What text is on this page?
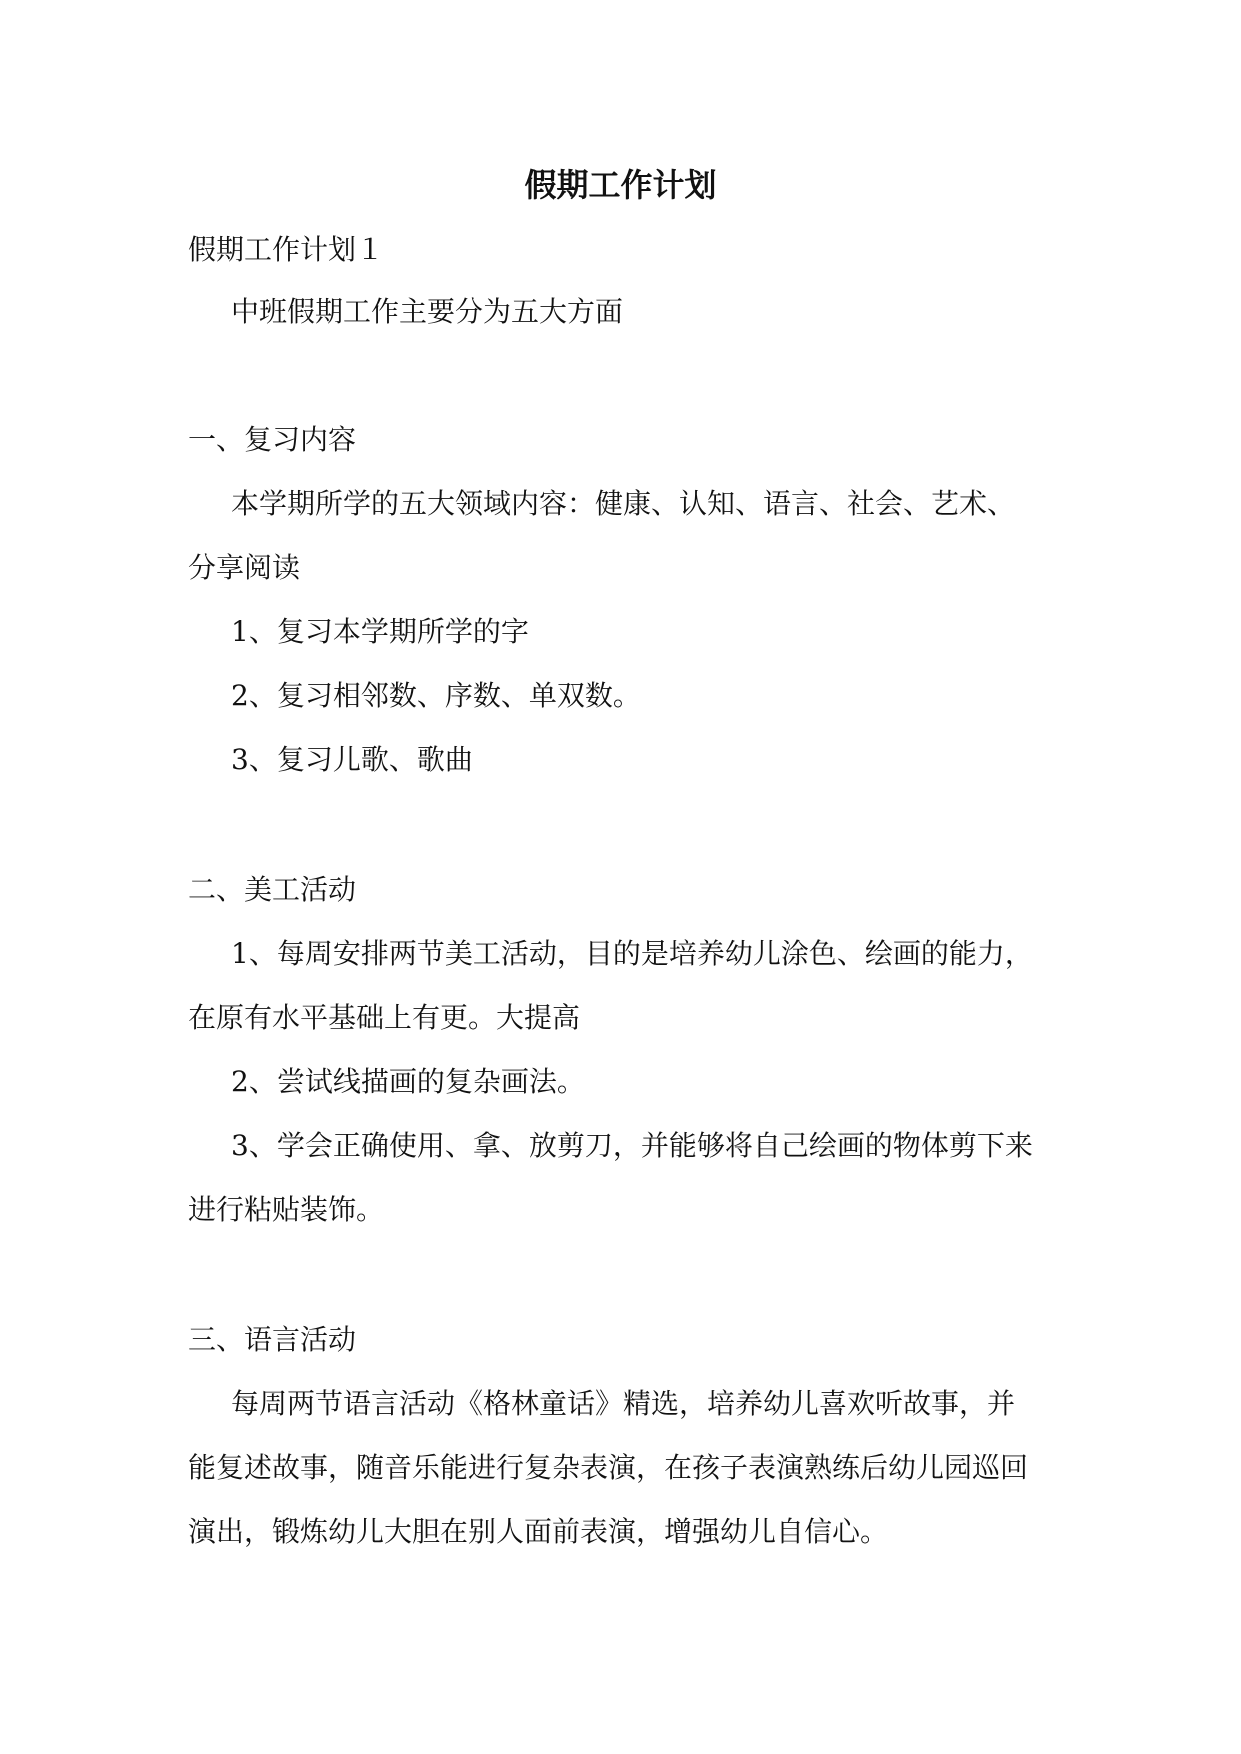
假期工作计划
假期工作计划１
中班假期工作主要分为五大方面
一、复习内容
本学期所学的五大领域内容：健康、认知、语言、社会、艺术、
分享阅读
1、复习本学期所学的字
2、复习相邻数、序数、单双数。
3、复习儿歌、歌曲
二、美工活动
1、每周安排两节美工活动，目的是培养幼儿涂色、绘画的能力，
在原有水平基础上有更。大提高
2、尝试线描画的复杂画法。
3、学会正确使用、拿、放剪刀，并能够将自己绘画的物体剪下来
进行粘贴装饰。
三、语言活动
每周两节语言活动《格林童话》精选，培养幼儿喜欢听故事，并
能复述故事，随音乐能进行复杂表演，在孩子表演熟练后幼儿园巡回
演出，锻炼幼儿大胆在别人面前表演，增强幼儿自信心。
